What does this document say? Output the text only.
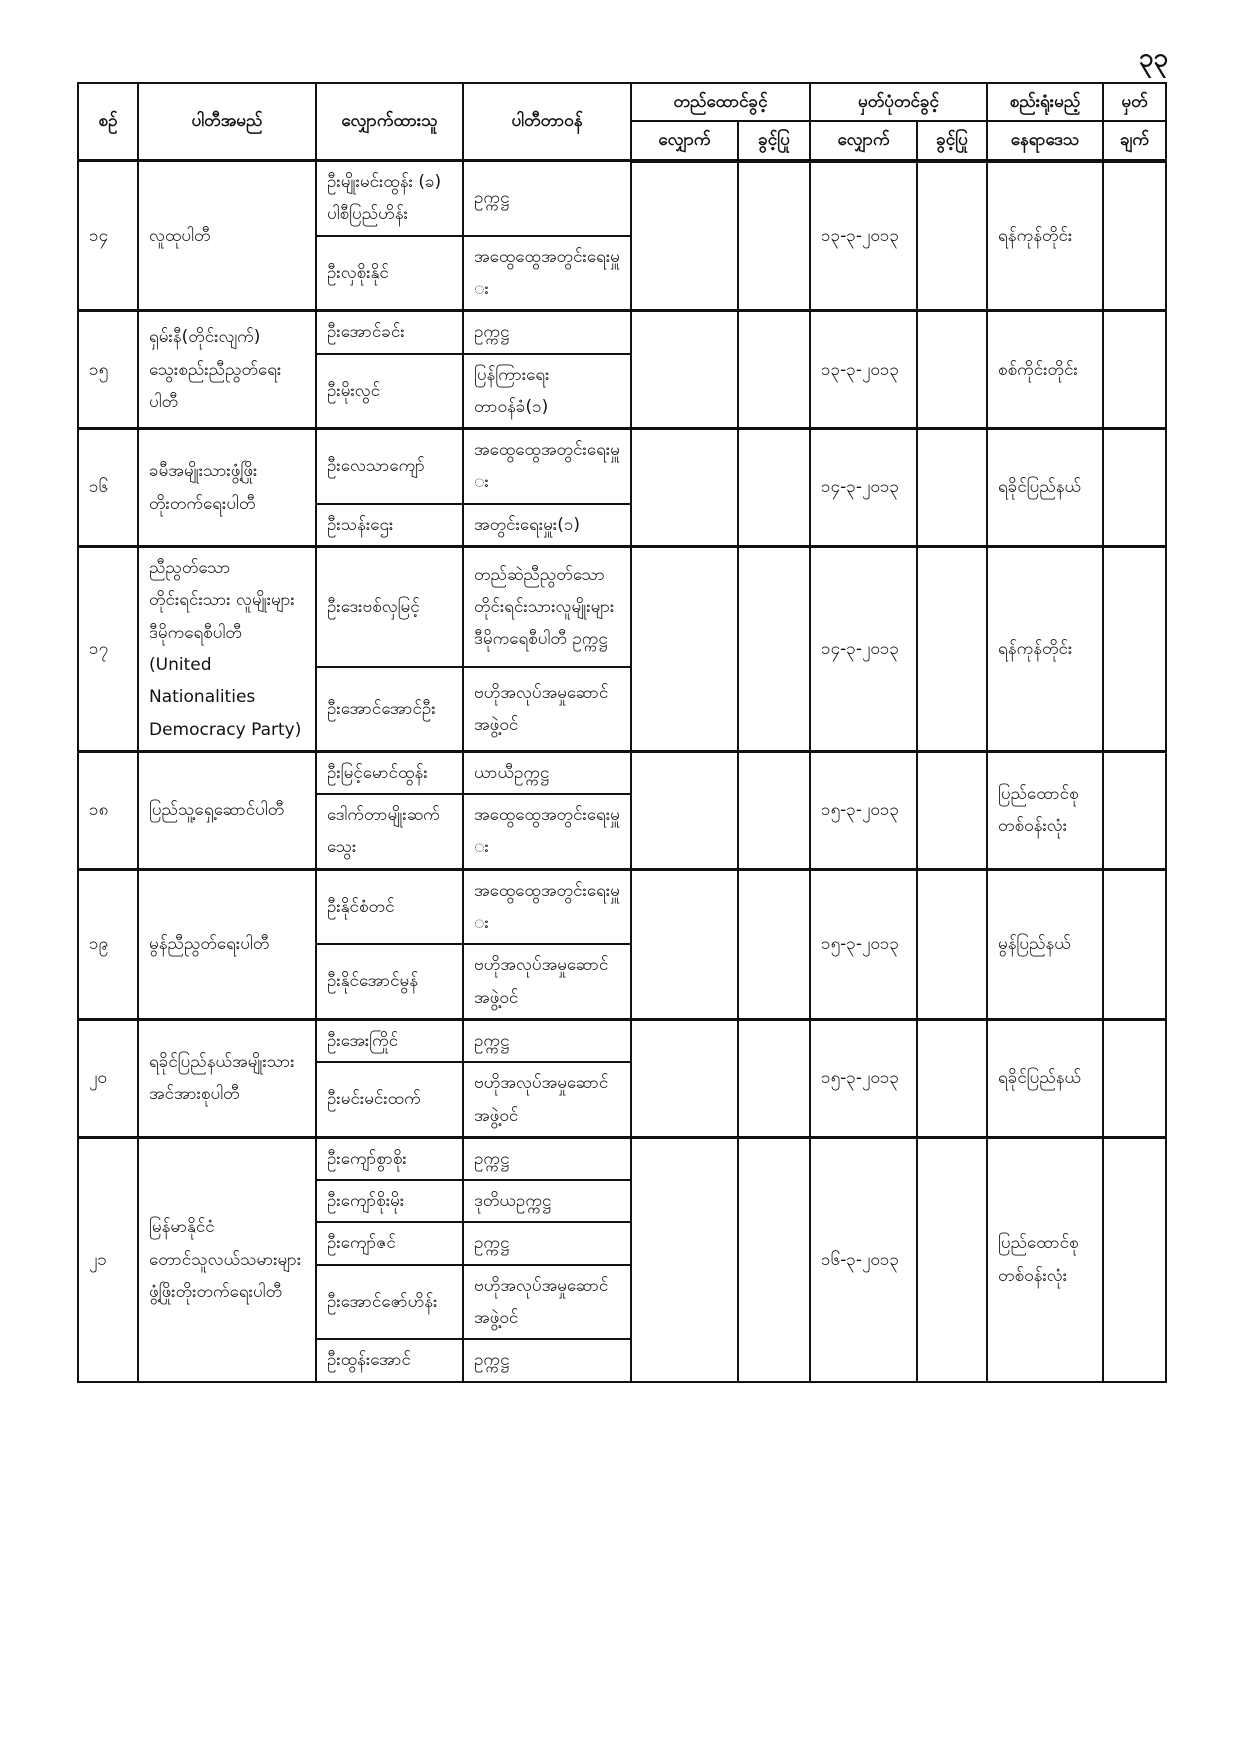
၃၃
စဉ်	ပါတီအမည်	လျှောက်ထားသူ	ပါတီတာဝန်	တည်ထောင်ခွင့်		မှတ်ပုံတင်ခွင့်		စည်းရုံးမည့်	မှတ်
				လျှောက်	ခွင့်ပြု	လျှောက်	ခွင့်ပြု	နေရာဒေသ	ချက်
၁၄	လူထုပါတီ	ဦးမျိုးမင်းထွန်း (ခ) ပါစီပြည်ဟိန်း	ဥက္ကဋ္ဌ			၁၃-၃-၂၀၁၃		ရန်ကုန်တိုင်း	
		ဦးလှစိုးနိုင်	အထွေထွေအတွင်းရေးမှူး						
၁၅	ရှမ်းနီ(တိုင်းလျက်) သွေးစည်းညီညွတ်ရေးပါတီ	ဦးအောင်ခင်း	ဥက္ကဋ္ဌ			၁၃-၃-၂၀၁၃		စစ်ကိုင်းတိုင်း	
		ဦးမိုးလွင်	ပြန်ကြားရေးတာဝန်ခံ(၁)						
၁၆	ခမီအမျိုးသားဖွံ့ဖြိုးတိုးတက်ရေးပါတီ	ဦးလေသာကျော်	အထွေထွေအတွင်းရေးမှူး			၁၄-၃-၂၀၁၃		ရခိုင်ပြည်နယ်	
		ဦးသန်းဌေး	အတွင်းရေးမှူး(၁)						
၁၇	ညီညွတ်သော တိုင်းရင်းသား လူမျိုးများ ဒီမိုကရေစီပါတီ (United Nationalities Democracy Party)	ဦးဒေးဗစ်လှမြင့်	တည်ဆဲညီညွတ်သော တိုင်းရင်းသားလူမျိုးများ ဒီမိုကရေစီပါတီ ဥက္ကဋ္ဌ			၁၄-၃-၂၀၁၃		ရန်ကုန်တိုင်း	
		ဦးအောင်အောင်ဦး	ဗဟိုအလုပ်အမှုဆောင်အဖွဲ့ဝင်						
၁၈	ပြည်သူ့ရှေ့ဆောင်ပါတီ	ဦးမြင့်မောင်ထွန်း	ယာယီဥက္ကဋ္ဌ			၁၅-၃-၂၀၁၃		ပြည်ထောင်စုတစ်ဝန်းလုံး	
		ဒေါက်တာမျိုးဆက်သွေး	အထွေထွေအတွင်းရေးမှူး						
၁၉	မွန်ညီညွတ်ရေးပါတီ	ဦးနိုင်စံတင်	အထွေထွေအတွင်းရေးမှူး			၁၅-၃-၂၀၁၃		မွန်ပြည်နယ်	
		ဦးနိုင်အောင်မွန်	ဗဟိုအလုပ်အမှုဆောင်အဖွဲ့ဝင်						
၂၀	ရခိုင်ပြည်နယ်အမျိုးသားအင်အားစုပါတီ	ဦးအေးကြိုင်	ဥက္ကဋ္ဌ			၁၅-၃-၂၀၁၃		ရခိုင်ပြည်နယ်	
		ဦးမင်းမင်းထက်	ဗဟိုအလုပ်အမှုဆောင်အဖွဲ့ဝင်						
၂၁	မြန်မာနိုင်ငံတောင်သူလယ်သမားများဖွံ့ဖြိုးတိုးတက်ရေးပါတီ	ဦးကျော်စွာစိုး	ဥက္ကဋ္ဌ			၁၆-၃-၂၀၁၃		ပြည်ထောင်စုတစ်ဝန်းလုံး	
		ဦးကျော်စိုးမိုး	ဒုတိယဥက္ကဋ္ဌ						
		ဦးကျော်ဇင်	ဥက္ကဋ္ဌ						
		ဦးအောင်ဇော်ဟိန်း	ဗဟိုအလုပ်အမှုဆောင်အဖွဲ့ဝင်						
		ဦးထွန်းအောင်	ဥက္ကဋ္ဌ						
